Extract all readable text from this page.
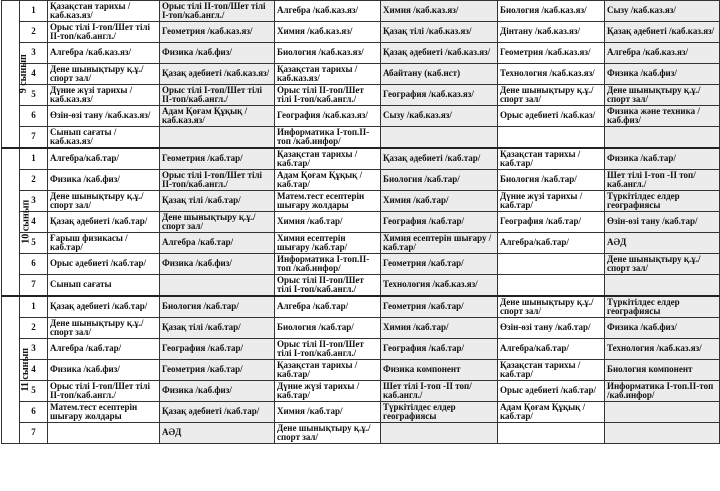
9 сынып	1	Қазақстан тарихы /каб.каз.яз/	Орыс тілі ІІ-топ/Шет тілі І-топ/каб.англ./	Алгебра /каб.каз.яз/	Химия /каб.каз.яз/	Биология /каб.каз.яз/	Сызу /каб.каз.яз/
	2	Орыс тілі І-топ/Шет тілі ІІ-топ/каб.англ./	Геометрия /каб.каз.яз/	Химия /каб.каз.яз/	Қазақ тілі /каб.каз.яз/	Дінтану /каб.каз.яз/	Қазақ әдебиеті /каб.каз.яз/
	3	Алгебра /каб.каз.яз/	Физика /каб.физ/	Биология /каб.каз.яз/	Қазақ әдебиеті /каб.каз.яз/	Геометрия /каб.каз.яз/	Алгебра /каб.каз.яз/
	4	Дене шынықтыру қ.ұ./спорт зал/	Қазақ әдебиеті /каб.каз.яз/	Қазақстан тарихы /каб.каз.яз/	Абайтану (каб.нст)	Технология /каб.каз.яз/	Физика /каб.физ/
	5	Дүние жүзі тарихы /каб.каз.яз/	Орыс тілі І-топ/Шет тілі ІІ-топ/каб.англ./	Орыс тілі ІІ-топ/Шет тілі І-топ/каб.англ./	География /каб.каз.яз/	Дене шынықтыру қ.ұ./спорт зал/	Дене шынықтыру қ.ұ./спорт зал/
	6	Өзін-өзі тану /каб.каз.яз/	Адам Қоғам Құқық /каб.каз.яз/	География /каб.каз.яз/	Сызу /каб.каз.яз/	Орыс әдебиеті /каб.каз/	Физика және техника /каб.физ/
	7	Сынып сағаты /каб.каз.яз/		Информатика І-топ.ІІ-топ /каб.инфор/			
10 сынып	1	Алгебра/каб.тар/	Геометрия /каб.тар/	Қазақстан тарихы /каб.тар/	Қазақ әдебиеті /каб.тар/	Қазақстан тарихы /каб.тар/	Физика /каб.тар/
	2	Физика /каб.физ/	Орыс тілі І-топ/Шет тілі ІІ-топ/каб.англ./	Адам Қоғам Құқық /каб.тар/	Биология /каб.тар/	Биология /каб.тар/	Шет тілі І-топ -ІІ топ/каб.англ./
	3	Дене шынықтыру қ.ұ./спорт зал/	Қазақ тілі /каб.тар/	Матем.тест есептерін шығару жолдары	Химия /каб.тар/	Дүние жүзі тарихы /каб.тар/	Түркітілдес елдер географиясы
	4	Қазақ әдебиеті /каб.тар/	Дене шынықтыру қ.ұ./спорт зал/	Химия /каб.тар/	География /каб.тар/	География /каб.тар/	Өзін-өзі тану /каб.тар/
	5	Ғарыш физикасы /каб.тар/	Алгебра /каб.тар/	Химия есептерін шығару /каб.тар/	Химия есептерін шығару /каб.тар/	Алгебра/каб.тар/	АӘД
	6	Орыс әдебиеті /каб.тар/	Физика /каб.физ/	Информатика І-топ.ІІ-топ /каб.инфор/	Геометрия /каб.тар/		Дене шынықтыру қ.ұ./спорт зал/
	7	Сынып сағаты		Орыс тілі ІІ-топ/Шет тілі І-топ/каб.англ./	Технология /каб.каз.яз/		
11 сынып	1	Қазақ әдебиеті /каб.тар/	Биология /каб.тар/	Алгебра /каб.тар/	Геометрия /каб.тар/	Дене шынықтыру қ.ұ./спорт зал/	Түркітілдес елдер географиясы
	2	Дене шынықтыру қ.ұ./спорт зал/	Қазақ тілі /каб.тар/	Биология /каб.тар/	Химия /каб.тар/	Өзін-өзі тану /каб.тар/	Физика /каб.физ/
	3	Алгебра /каб.тар/	География /каб.тар/	Орыс тілі ІІ-топ/Шет тілі І-топ/каб.англ./	География /каб.тар/	Алгебра/каб.тар/	Технология /каб.каз.яз/
	4	Физика /каб.физ/	Геометрия /каб.тар/	Қазақстан тарихы /каб.тар/	Физика компонент	Қазақстан тарихы /каб.тар/	Биология компонент
	5	Орыс тілі І-топ/Шет тілі ІІ-топ/каб.англ./	Физика /каб.физ/	Дүние жүзі тарихы /каб.тар/	Шет тілі І-топ -ІІ топ/каб.англ./	Орыс әдебиеті /каб.тар/	Информатика І-топ.ІІ-топ /каб.инфор/
	6	Матем.тест есептерін шығару жолдары	Қазақ әдебиеті /каб.тар/	Химия /каб.тар/	Түркітілдес елдер географиясы	Адам Қоғам Құқық /каб.тар/	
	7		АӘД	Дене шынықтыру қ.ұ./спорт зал/			
